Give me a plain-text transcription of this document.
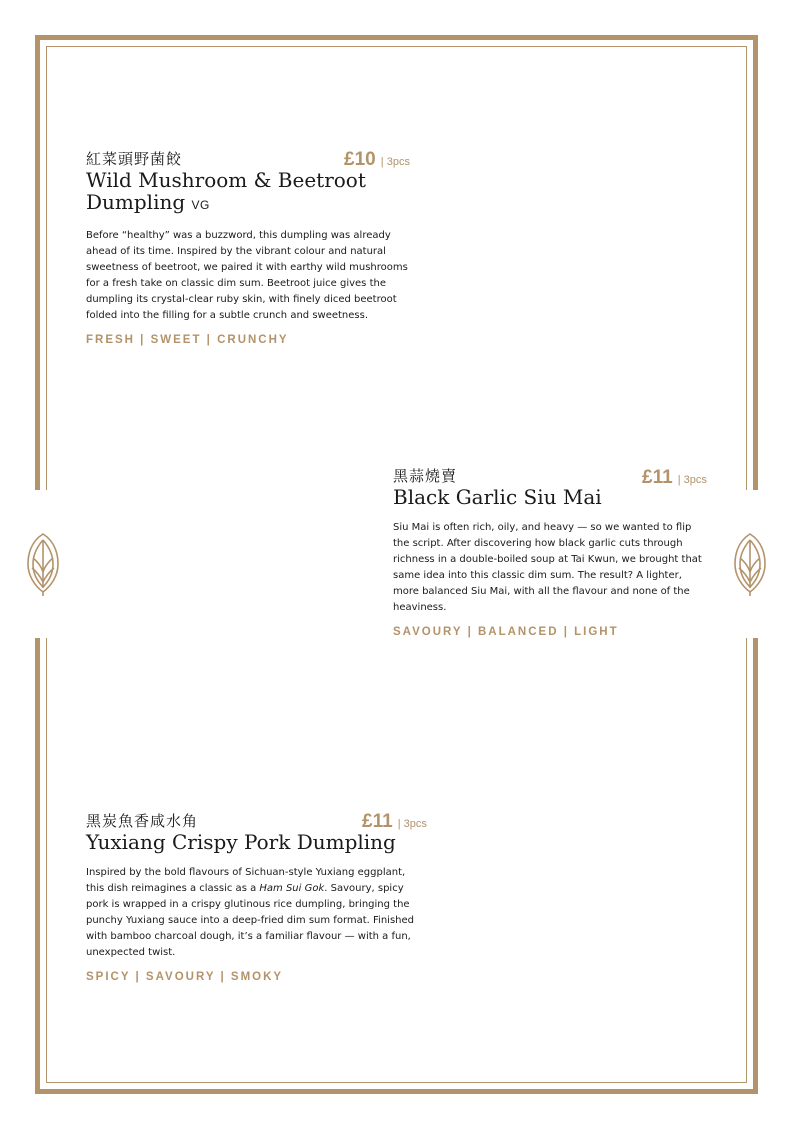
紅菜頭野菌餃
Wild Mushroom & Beetroot
Dumpling VG
Before “healthy” was a buzzword, this dumpling was already ahead of its time. Inspired by the vibrant colour and natural sweetness of beetroot, we paired it with earthy wild mushrooms for a fresh take on classic dim sum. Beetroot juice gives the dumpling its crystal-clear ruby skin, with finely diced beetroot folded into the filling for a subtle crunch and sweetness.
FRESH | SWEET | CRUNCHY
£10 | 3pcs
黑蒜燒賣
Black Garlic Siu Mai
Siu Mai is often rich, oily, and heavy — so we wanted to flip the script. After discovering how black garlic cuts through richness in a double-boiled soup at Tai Kwun, we brought that same idea into this classic dim sum. The result? A lighter, more balanced Siu Mai, with all the flavour and none of the heaviness.
SAVOURY | BALANCED | LIGHT
£11 | 3pcs
黑炭魚香咸水角
Yuxiang Crispy Pork Dumpling
Inspired by the bold flavours of Sichuan-style Yuxiang eggplant, this dish reimagines a classic as a Ham Sui Gok. Savoury, spicy pork is wrapped in a crispy glutinous rice dumpling, bringing the punchy Yuxiang sauce into a deep-fried dim sum format. Finished with bamboo charcoal dough, it’s a familiar flavour — with a fun, unexpected twist.
SPICY | SAVOURY | SMOKY
£11 | 3pcs
